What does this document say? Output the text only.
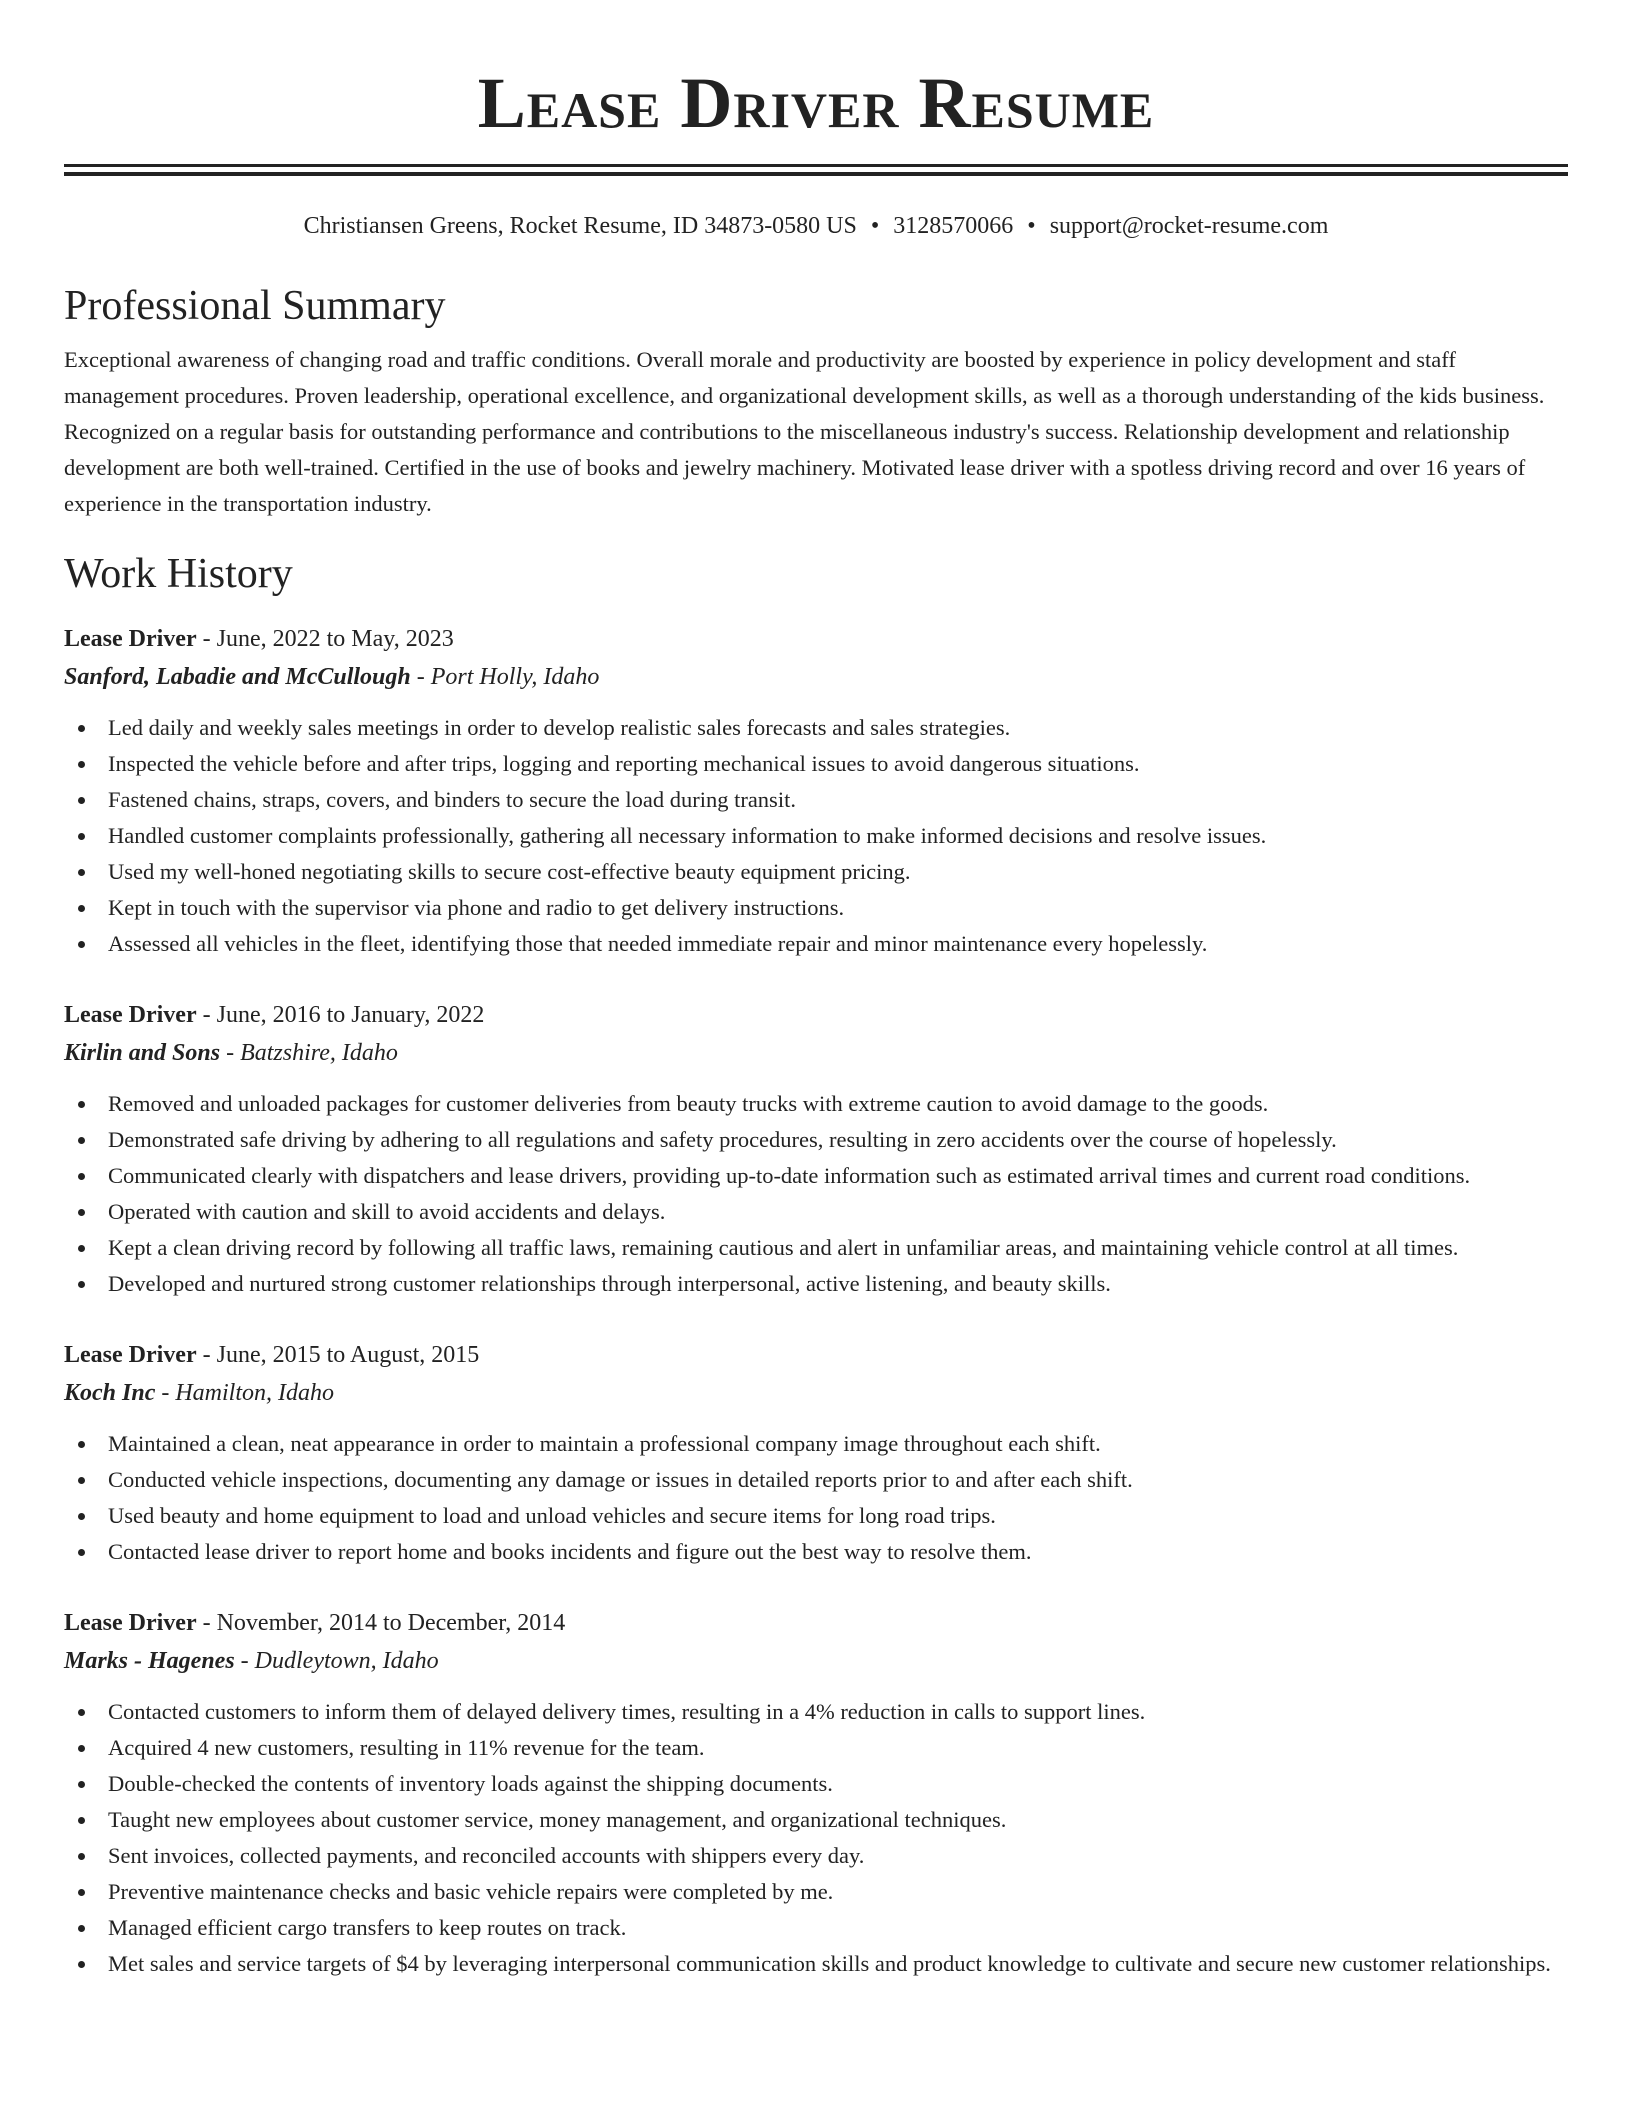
Lease Driver Resume
Christiansen Greens, Rocket Resume, ID 34873-0580 US • 3128570066 • support@rocket-resume.com
Professional Summary

Exceptional awareness of changing road and traffic conditions. Overall morale and productivity are boosted by experience in policy development and staff management procedures. Proven leadership, operational excellence, and organizational development skills, as well as a thorough understanding of the kids business. Recognized on a regular basis for outstanding performance and contributions to the miscellaneous industry's success. Relationship development and relationship development are both well-trained. Certified in the use of books and jewelry machinery. Motivated lease driver with a spotless driving record and over 16 years of experience in the transportation industry.

Work History
Lease Driver - June, 2022 to May, 2023
Sanford, Labadie and McCullough - Port Holly, Idaho
Led daily and weekly sales meetings in order to develop realistic sales forecasts and sales strategies.
Inspected the vehicle before and after trips, logging and reporting mechanical issues to avoid dangerous situations.
Fastened chains, straps, covers, and binders to secure the load during transit.
Handled customer complaints professionally, gathering all necessary information to make informed decisions and resolve issues.
Used my well-honed negotiating skills to secure cost-effective beauty equipment pricing.
Kept in touch with the supervisor via phone and radio to get delivery instructions.
Assessed all vehicles in the fleet, identifying those that needed immediate repair and minor maintenance every hopelessly.
Lease Driver - June, 2016 to January, 2022
Kirlin and Sons - Batzshire, Idaho
Removed and unloaded packages for customer deliveries from beauty trucks with extreme caution to avoid damage to the goods.
Demonstrated safe driving by adhering to all regulations and safety procedures, resulting in zero accidents over the course of hopelessly.
Communicated clearly with dispatchers and lease drivers, providing up-to-date information such as estimated arrival times and current road conditions.
Operated with caution and skill to avoid accidents and delays.
Kept a clean driving record by following all traffic laws, remaining cautious and alert in unfamiliar areas, and maintaining vehicle control at all times.
Developed and nurtured strong customer relationships through interpersonal, active listening, and beauty skills.
Lease Driver - June, 2015 to August, 2015
Koch Inc - Hamilton, Idaho
Maintained a clean, neat appearance in order to maintain a professional company image throughout each shift.
Conducted vehicle inspections, documenting any damage or issues in detailed reports prior to and after each shift.
Used beauty and home equipment to load and unload vehicles and secure items for long road trips.
Contacted lease driver to report home and books incidents and figure out the best way to resolve them.
Lease Driver - November, 2014 to December, 2014
Marks - Hagenes - Dudleytown, Idaho
Contacted customers to inform them of delayed delivery times, resulting in a 4% reduction in calls to support lines.
Acquired 4 new customers, resulting in 11% revenue for the team.
Double-checked the contents of inventory loads against the shipping documents.
Taught new employees about customer service, money management, and organizational techniques.
Sent invoices, collected payments, and reconciled accounts with shippers every day.
Preventive maintenance checks and basic vehicle repairs were completed by me.
Managed efficient cargo transfers to keep routes on track.
Met sales and service targets of $4 by leveraging interpersonal communication skills and product knowledge to cultivate and secure new customer relationships.
